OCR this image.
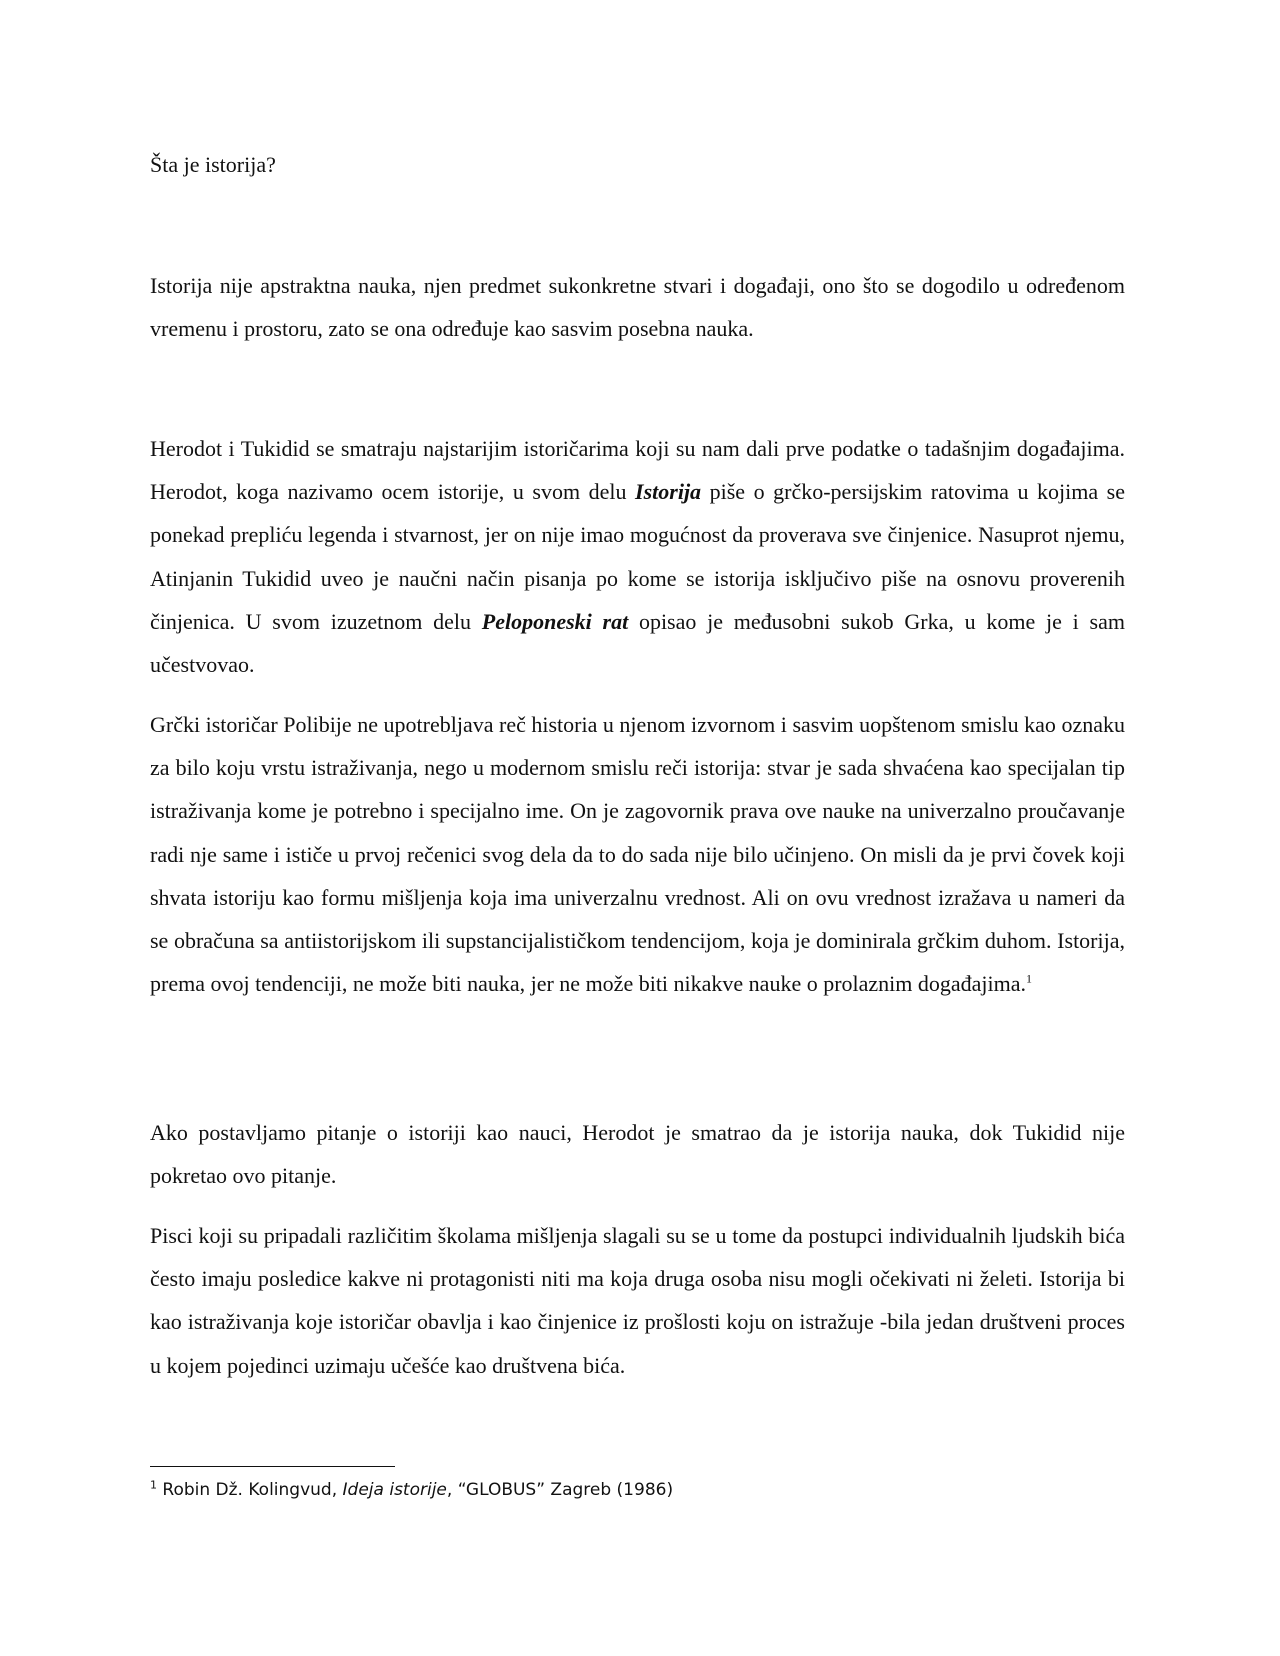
Šta je istorija?

Istorija nije apstraktna nauka, njen predmet sukonkretne stvari i događaji, ono što se dogodilo u određenom vremenu i prostoru, zato se ona određuje kao sasvim posebna nauka.

Herodot i Tukidid se smatraju najstarijim istoričarima koji su nam dali prve podatke o tadašnjim događajima. Herodot, koga nazivamo ocem istorije, u svom delu Istorija piše o grčko-persijskim ratovima u kojima se ponekad prepliću legenda i stvarnost, jer on nije imao mogućnost da proverava sve činjenice. Nasuprot njemu, Atinjanin Tukidid uveo je naučni način pisanja po kome se istorija isključivo piše na osnovu proverenih činjenica. U svom izuzetnom delu Peloponeski rat opisao je međusobni sukob Grka, u kome je i sam učestvovao.

Grčki istoričar Polibije ne upotrebljava reč historia u njenom izvornom i sasvim uopštenom smislu kao oznaku za bilo koju vrstu istraživanja, nego u modernom smislu reči istorija: stvar je sada shvaćena kao specijalan tip istraživanja kome je potrebno i specijalno ime. On je zagovornik prava ove nauke na univerzalno proučavanje radi nje same i ističe u prvoj rečenici svog dela da to do sada nije bilo učinjeno. On misli da je prvi čovek koji shvata istoriju kao formu mišljenja koja ima univerzalnu vrednost. Ali on ovu vrednost izražava u nameri da se obračuna sa antiistorijskom ili supstancijalističkom tendencijom, koja je dominirala grčkim duhom. Istorija, prema ovoj tendenciji, ne može biti nauka, jer ne može biti nikakve nauke o prolaznim događajima.$^1$

Ako postavljamo pitanje o istoriji kao nauci, Herodot je smatrao da je istorija nauka, dok Tukidid nije pokretao ovo pitanje.

Pisci koji su pripadali različitim školama mišljenja slagali su se u tome da postupci individualnih ljudskih bića često imaju posledice kakve ni protagonisti niti ma koja druga osoba nisu mogli očekivati ni želeti. Istorija bi kao istraživanja koje istoričar obavlja i kao činjenice iz prošlosti koju on istražuje -bila jedan društveni proces u kojem pojedinci uzimaju učešće kao društvena bića.

$^1$ Robin Dž. Kolingvud, Ideja istorije, “GLOBUS” Zagreb (1986)
